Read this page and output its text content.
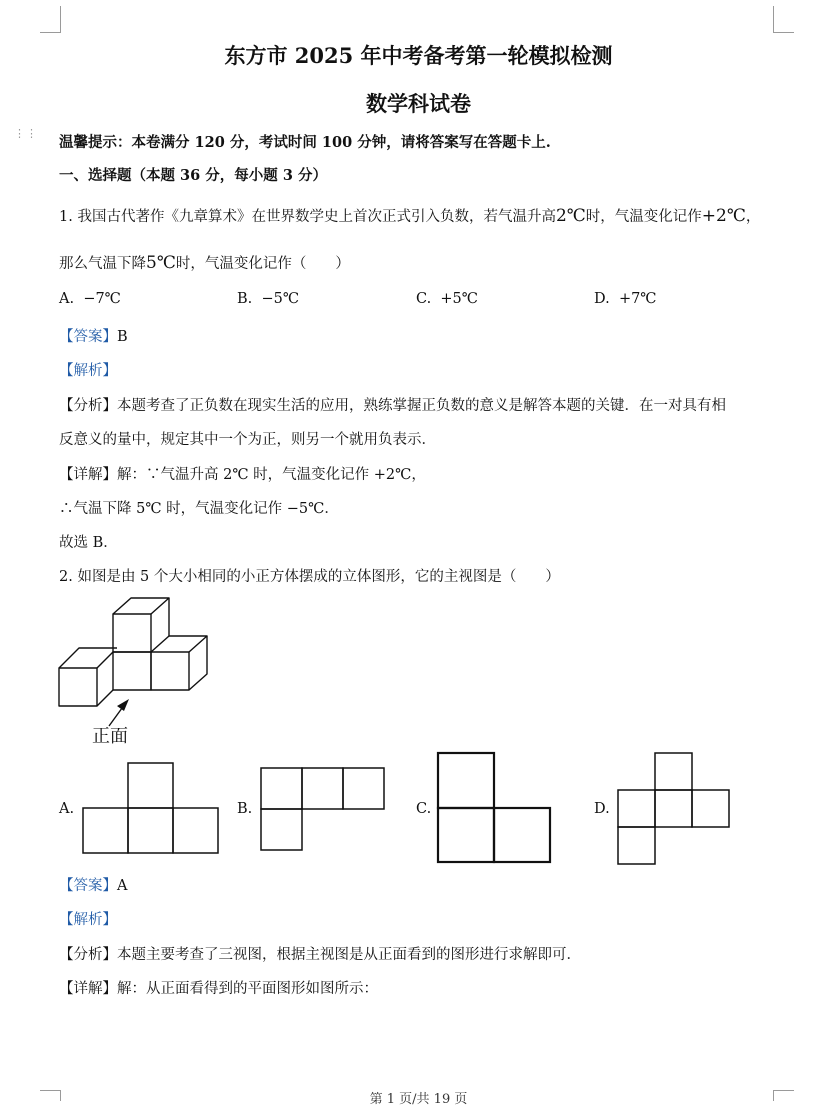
⋮⋮
东方市 2025 年中考备考第一轮模拟检测
数学科试卷
温馨提示：本卷满分 120 分，考试时间 100 分钟，请将答案写在答题卡上.
一、选择题（本题 36 分，每小题 3 分）
1. 我国古代著作《九章算术》在世界数学史上首次正式引入负数，若气温升高2℃时，气温变化记作+2℃，
那么气温下降5℃时，气温变化记作（　　）
A. −7℃	B. −5℃	C. +5℃	D. +7℃
【答案】B
【解析】
【分析】本题考查了正负数在现实生活的应用，熟练掌握正负数的意义是解答本题的关键．在一对具有相
反意义的量中，规定其中一个为正，则另一个就用负表示．
【详解】解：∵气温升高 2℃ 时，气温变化记作 +2℃，
∴气温下降 5℃ 时，气温变化记作 −5℃．
故选 B．
2. 如图是由 5 个大小相同的小正方体摆成的立体图形，它的主视图是（　　）
正面
A.	B.	C.	D.
【答案】A
【解析】
【分析】本题主要考查了三视图，根据主视图是从正面看到的图形进行求解即可．
【详解】解：从正面看得到的平面图形如图所示：
第 1 页/共 19 页
